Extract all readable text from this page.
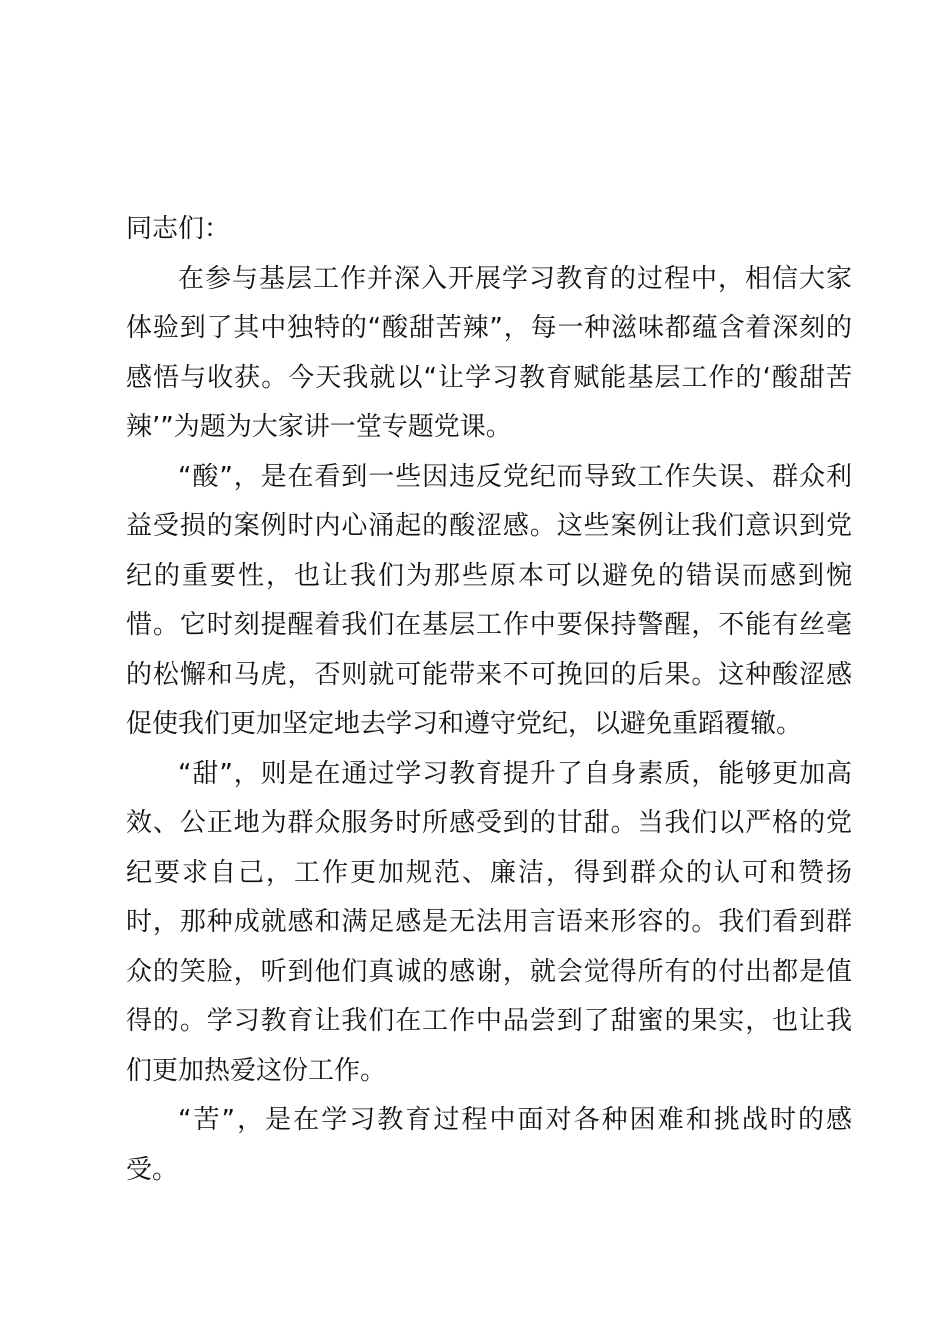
同志们：

在参与基层工作并深入开展学习教育的过程中，相信大家体验到了其中独特的“酸甜苦辣”，每一种滋味都蕴含着深刻的感悟与收获。今天我就以“让学习教育赋能基层工作的‘酸甜苦辣’”为题为大家讲一堂专题党课。

“酸”，是在看到一些因违反党纪而导致工作失误、群众利益受损的案例时内心涌起的酸涩感。这些案例让我们意识到党纪的重要性，也让我们为那些原本可以避免的错误而感到惋惜。它时刻提醒着我们在基层工作中要保持警醒，不能有丝毫的松懈和马虎，否则就可能带来不可挽回的后果。这种酸涩感促使我们更加坚定地去学习和遵守党纪，以避免重蹈覆辙。

“甜”，则是在通过学习教育提升了自身素质，能够更加高效、公正地为群众服务时所感受到的甘甜。当我们以严格的党纪要求自己，工作更加规范、廉洁，得到群众的认可和赞扬时，那种成就感和满足感是无法用言语来形容的。我们看到群众的笑脸，听到他们真诚的感谢，就会觉得所有的付出都是值得的。学习教育让我们在工作中品尝到了甜蜜的果实，也让我们更加热爱这份工作。

“苦”，是在学习教育过程中面对各种困难和挑战时的感受。
